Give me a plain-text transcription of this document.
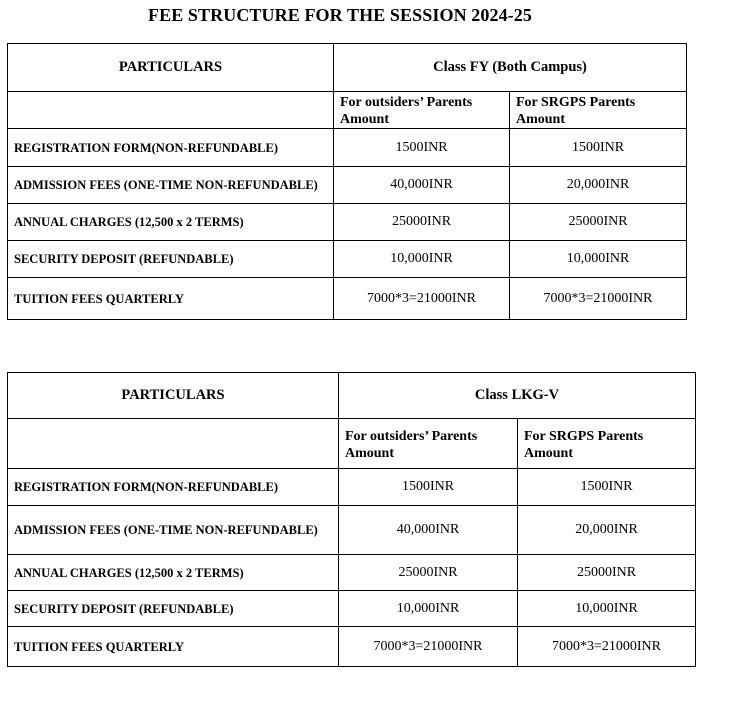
FEE STRUCTURE FOR THE SESSION 2024-25
PARTICULARS	Class FY (Both Campus)	
	For outsiders’ Parents Amount	For SRGPS Parents Amount
REGISTRATION FORM(NON-REFUNDABLE)	1500INR	1500INR
ADMISSION FEES (ONE-TIME NON-REFUNDABLE)	40,000INR	20,000INR
ANNUAL CHARGES (12,500 x 2 TERMS)	25000INR	25000INR
SECURITY DEPOSIT (REFUNDABLE)	10,000INR	10,000INR
TUITION FEES QUARTERLY	7000*3=21000INR	7000*3=21000INR
PARTICULARS	Class LKG-V	
	For outsiders’ Parents Amount	For SRGPS Parents Amount
REGISTRATION FORM(NON-REFUNDABLE)	1500INR	1500INR
ADMISSION FEES (ONE-TIME NON-REFUNDABLE)	40,000INR	20,000INR
ANNUAL CHARGES (12,500 x 2 TERMS)	25000INR	25000INR
SECURITY DEPOSIT (REFUNDABLE)	10,000INR	10,000INR
TUITION FEES QUARTERLY	7000*3=21000INR	7000*3=21000INR
